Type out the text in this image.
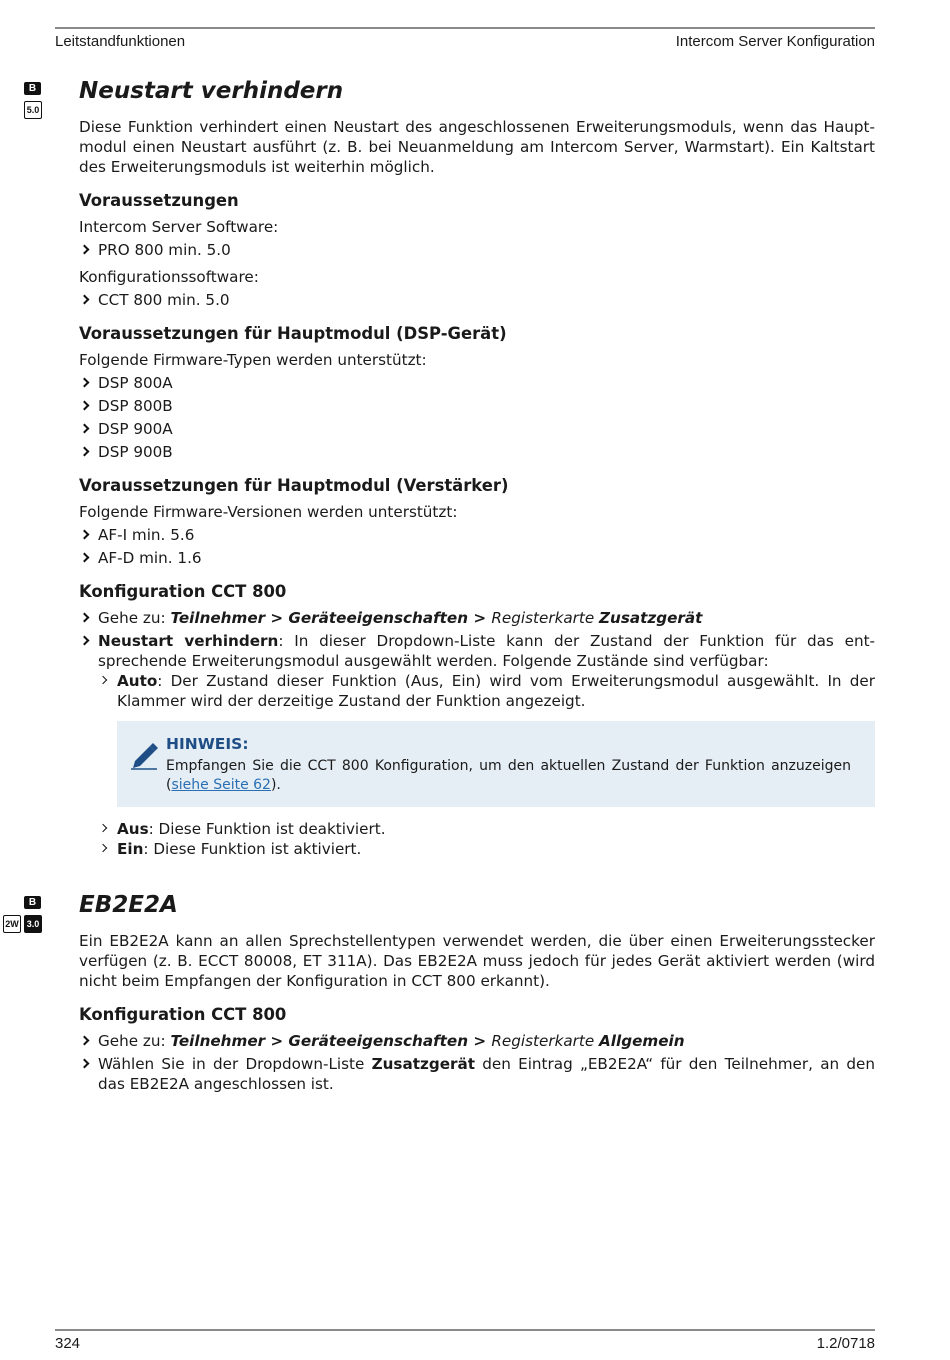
Leitstandfunktionen	Intercom Server Konfiguration
B
5.0
B
2W 3.0
Neustart verhindern

Diese Funktion verhindert einen Neustart des angeschlossenen Erweiterungsmoduls, wenn das Haupt-modul einen Neustart ausführt (z. B. bei Neuanmeldung am Intercom Server, Warmstart). Ein Kaltstart des Erweiterungsmoduls ist weiterhin möglich.

Voraussetzungen

Intercom Server Software:

PRO 800 min. 5.0

Konfigurationssoftware:

CCT 800 min. 5.0
Voraussetzungen für Hauptmodul (DSP-Gerät)

Folgende Firmware-Typen werden unterstützt:

DSP 800A
DSP 800B
DSP 900A
DSP 900B
Voraussetzungen für Hauptmodul (Verstärker)

Folgende Firmware-Versionen werden unterstützt:

AF-I min. 5.6
AF-D min. 1.6
Konfiguration CCT 800
Gehe zu: Teilnehmer > Geräteeigenschaften > Registerkarte Zusatzgerät
Neustart verhindern: In dieser Dropdown-Liste kann der Zustand der Funktion für das ent-sprechende Erweiterungsmodul ausgewählt werden. Folgende Zustände sind verfügbar:
Auto: Der Zustand dieser Funktion (Aus, Ein) wird vom Erweiterungsmodul ausgewählt. In der Klammer wird der derzeitige Zustand der Funktion angezeigt.
HINWEIS:
Empfangen Sie die CCT 800 Konfiguration, um den aktuellen Zustand der Funktion anzuzeigen (siehe Seite 62).
Aus: Diese Funktion ist deaktiviert.
Ein: Diese Funktion ist aktiviert.
EB2E2A

Ein EB2E2A kann an allen Sprechstellentypen verwendet werden, die über einen Erweiterungsstecker verfügen (z. B. ECCT 80008, ET 311A). Das EB2E2A muss jedoch für jedes Gerät aktiviert werden (wird nicht beim Empfangen der Konfiguration in CCT 800 erkannt).

Konfiguration CCT 800
Gehe zu: Teilnehmer > Geräteeigenschaften > Registerkarte Allgemein
Wählen Sie in der Dropdown-Liste Zusatzgerät den Eintrag „EB2E2A“ für den Teilnehmer, an den das EB2E2A angeschlossen ist.
324	1.2/0718
